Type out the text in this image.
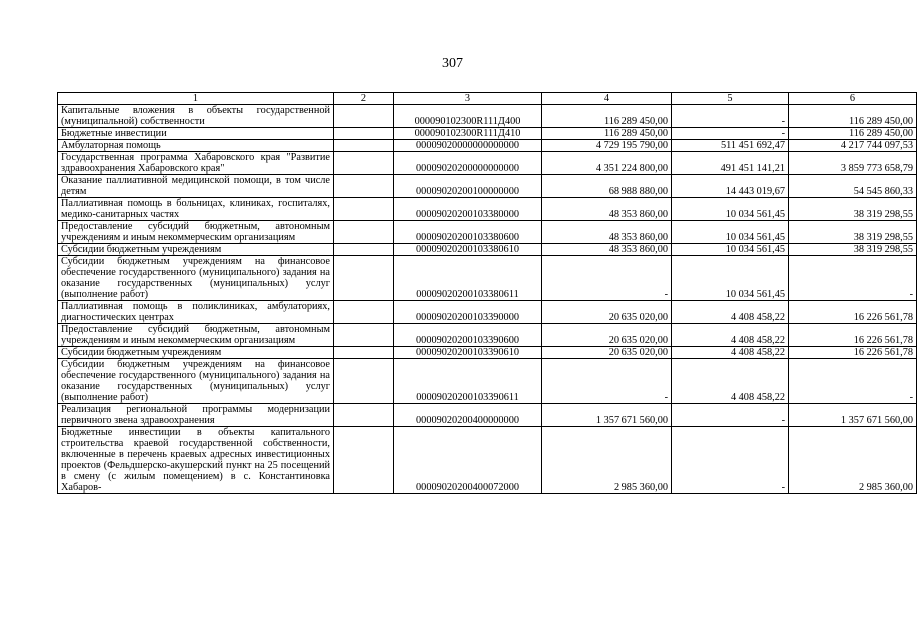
307
1	2	3	4	5	6
Капитальные вложения в объекты государственной (муниципальной) собственности		000090102300R111Д400	116 289 450,00	-	116 289 450,00
Бюджетные инвестиции		000090102300R111Д410	116 289 450,00	-	116 289 450,00
Амбулаторная помощь		00009020000000000000	4 729 195 790,00	511 451 692,47	4 217 744 097,53
Государственная программа Хабаровского края "Развитие здравоохранения Хабаровского края"		00009020200000000000	4 351 224 800,00	491 451 141,21	3 859 773 658,79
Оказание паллиативной медицинской помощи, в том числе детям		00009020200100000000	68 988 880,00	14 443 019,67	54 545 860,33
Паллиативная помощь в больницах, клиниках, госпиталях, медико-санитарных частях		00009020200103380000	48 353 860,00	10 034 561,45	38 319 298,55
Предоставление субсидий бюджетным, автономным учреждениям и иным некоммерческим организациям		00009020200103380600	48 353 860,00	10 034 561,45	38 319 298,55
Субсидии бюджетным учреждениям		00009020200103380610	48 353 860,00	10 034 561,45	38 319 298,55
Субсидии бюджетным учреждениям на финансовое обеспечение государственного (муниципального) задания на оказание государственных (муниципальных) услуг (выполнение работ)		00009020200103380611	-	10 034 561,45	-
Паллиативная помощь в поликлиниках, амбулаториях, диагностических центрах		00009020200103390000	20 635 020,00	4 408 458,22	16 226 561,78
Предоставление субсидий бюджетным, автономным учреждениям и иным некоммерческим организациям		00009020200103390600	20 635 020,00	4 408 458,22	16 226 561,78
Субсидии бюджетным учреждениям		00009020200103390610	20 635 020,00	4 408 458,22	16 226 561,78
Субсидии бюджетным учреждениям на финансовое обеспечение государственного (муниципального) задания на оказание государственных (муниципальных) услуг (выполнение работ)		00009020200103390611	-	4 408 458,22	-
Реализация региональной программы модернизации первичного звена здравоохранения		00009020200400000000	1 357 671 560,00	-	1 357 671 560,00
Бюджетные инвестиции в объекты капитального строительства краевой государственной собственности, включенные в перечень краевых адресных инвестиционных проектов (Фельдшерско-акушерский пункт на 25 посещений в смену (с жилым помещением) в с. Константиновка Хабаров-		00009020200400072000	2 985 360,00	-	2 985 360,00
